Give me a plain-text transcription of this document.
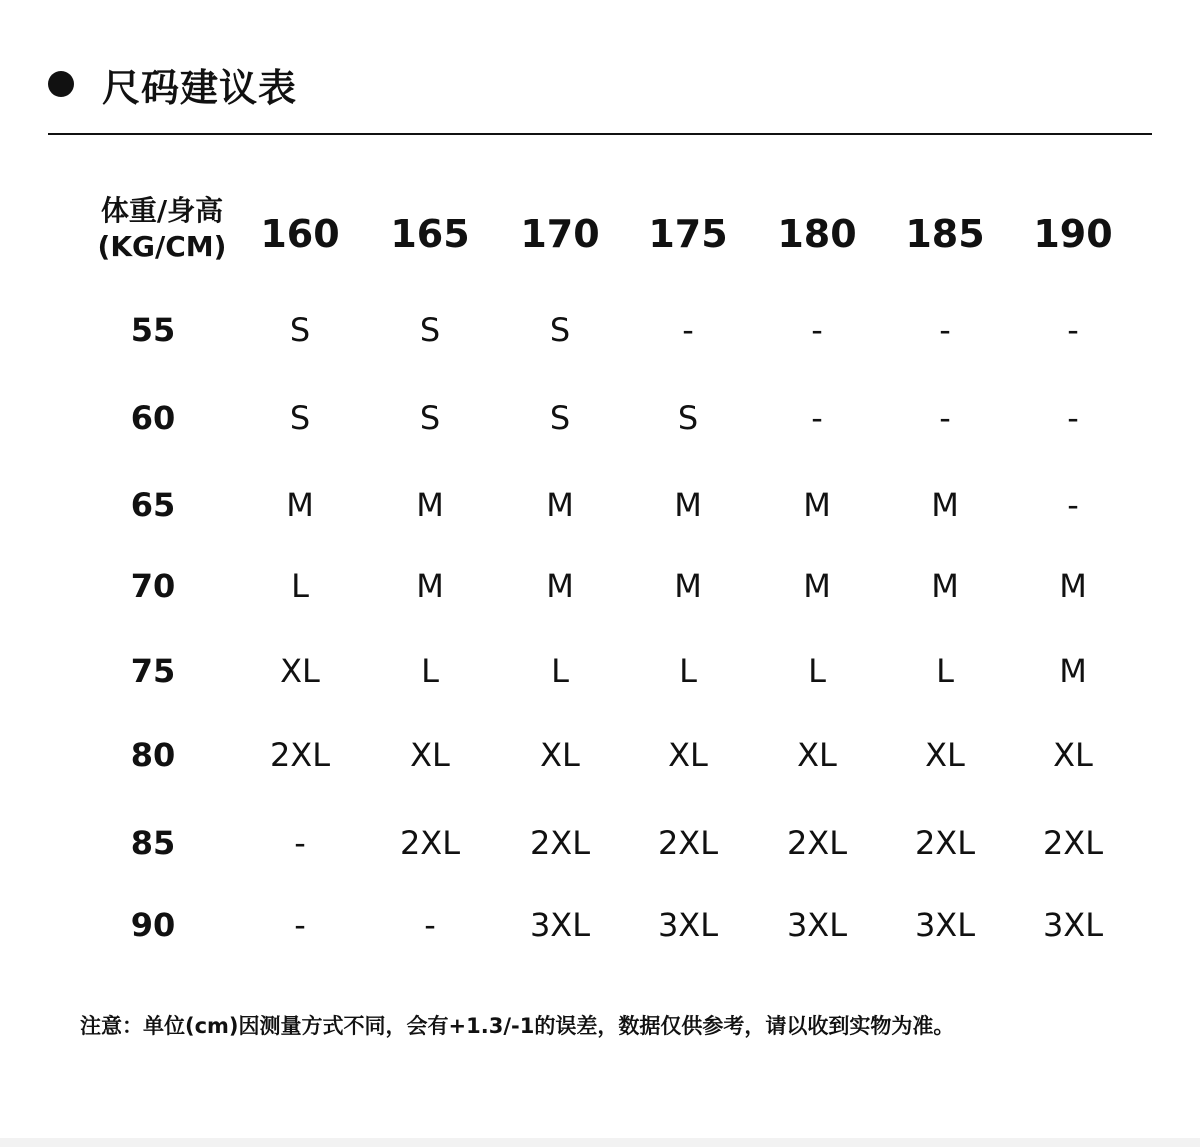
尺码建议表
体重/身高
(KG/CM) 160 165 170 175 180 185 190
55	S	S	S	-	-	-	-
60	S	S	S	S	-	-	-
65	M	M	M	M	M	M	-
70	L	M	M	M	M	M	M
75	XL	L	L	L	L	L	M
80	2XL	XL	XL	XL	XL	XL	XL
85	-	2XL 2XL 2XL 2XL 2XL 2XL
90	-	-	3XL 3XL 3XL 3XL 3XL
注意：单位(cm)因测量方式不同，会有+1.3/-1的误差，数据仅供参考，请以收到实物为准。
